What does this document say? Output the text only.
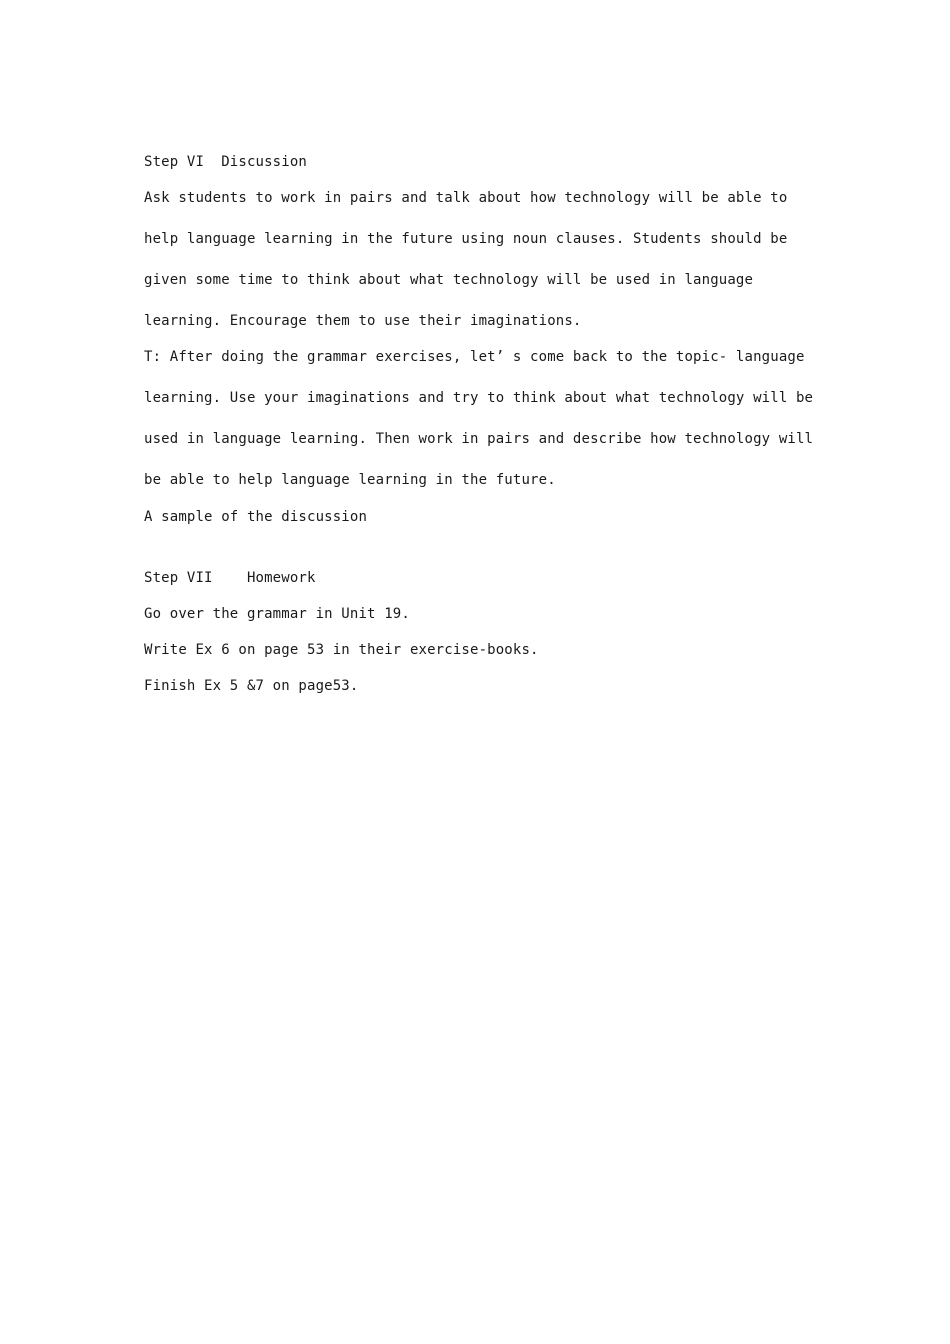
Step VI  Discussion
Ask students to work in pairs and talk about how technology will be able to
help language learning in the future using noun clauses. Students should be
given some time to think about what technology will be used in language
learning. Encourage them to use their imaginations.
T: After doing the grammar exercises, let’ s come back to the topic- language
learning. Use your imaginations and try to think about what technology will be
used in language learning. Then work in pairs and describe how technology will
be able to help language learning in the future.
A sample of the discussion
Step VII    Homework
Go over the grammar in Unit 19.
Write Ex 6 on page 53 in their exercise-books.
Finish Ex 5 &7 on page53.
